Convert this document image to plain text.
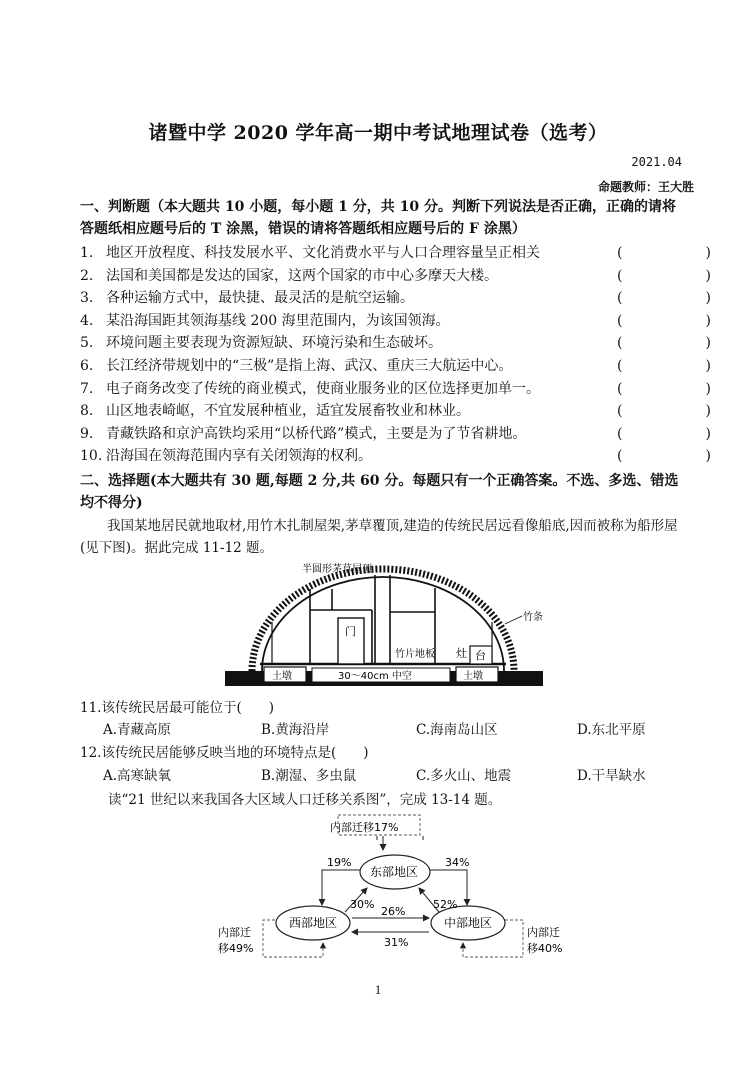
诸暨中学 2020 学年高一期中考试地理试卷（选考）
2021.04
命题教师：王大胜
一、判断题（本大题共 10 小题，每小题 1 分，共 10 分。判断下列说法是否正确，正确的请将答题纸相应题号后的 T 涂黑，错误的请将答题纸相应题号后的 F 涂黑）
1. 地区开放程度、科技发展水平、文化消费水平与人口合理容量呈正相关
2. 法国和美国都是发达的国家，这两个国家的市中心多摩天大楼。
3. 各种运输方式中，最快捷、最灵活的是航空运输。
4. 某沿海国距其领海基线 200 海里范围内，为该国领海。
5. 环境问题主要表现为资源短缺、环境污染和生态破坏。
6. 长江经济带规划中的“三极”是指上海、武汉、重庆三大航运中心。
7. 电子商务改变了传统的商业模式，使商业服务业的区位选择更加单一。
8. 山区地表崎岖，不宜发展种植业，适宜发展畜牧业和林业。
9. 青藏铁路和京沪高铁均采用“以桥代路”模式，主要是为了节省耕地。
10. 沿海国在领海范围内享有关闭领海的权利。
二、选择题(本大题共有 30 题,每题 2 分,共 60 分。每题只有一个正确答案。不选、多选、错选均不得分)
我国某地居民就地取材,用竹木扎制屋架,茅草覆顶,建造的传统民居远看像船底,因而被称为船形屋(见下图)。据此完成 11-12 题。
半圆形茅草屋顶
土墩	土墩
30～40cm 中空
门
竹片地板 灶 台
竹条
11.该传统民居最可能位于(　　)
A.青藏高原	B.黄海沿岸	C.海南岛山区	D.东北平原
12.该传统民居能够反映当地的环境特点是(　　)
A.高寒缺氧	B.潮湿、多虫鼠	C.多火山、地震	D.干旱缺水
读“21 世纪以来我国各大区域人口迁移关系图”，完成 13-14 题。
内部迁移17%
东部地区
西部地区	中部地区
19%	34%
30%	52%
26%
31%
内部迁
移49%
内部迁
移40%
1
